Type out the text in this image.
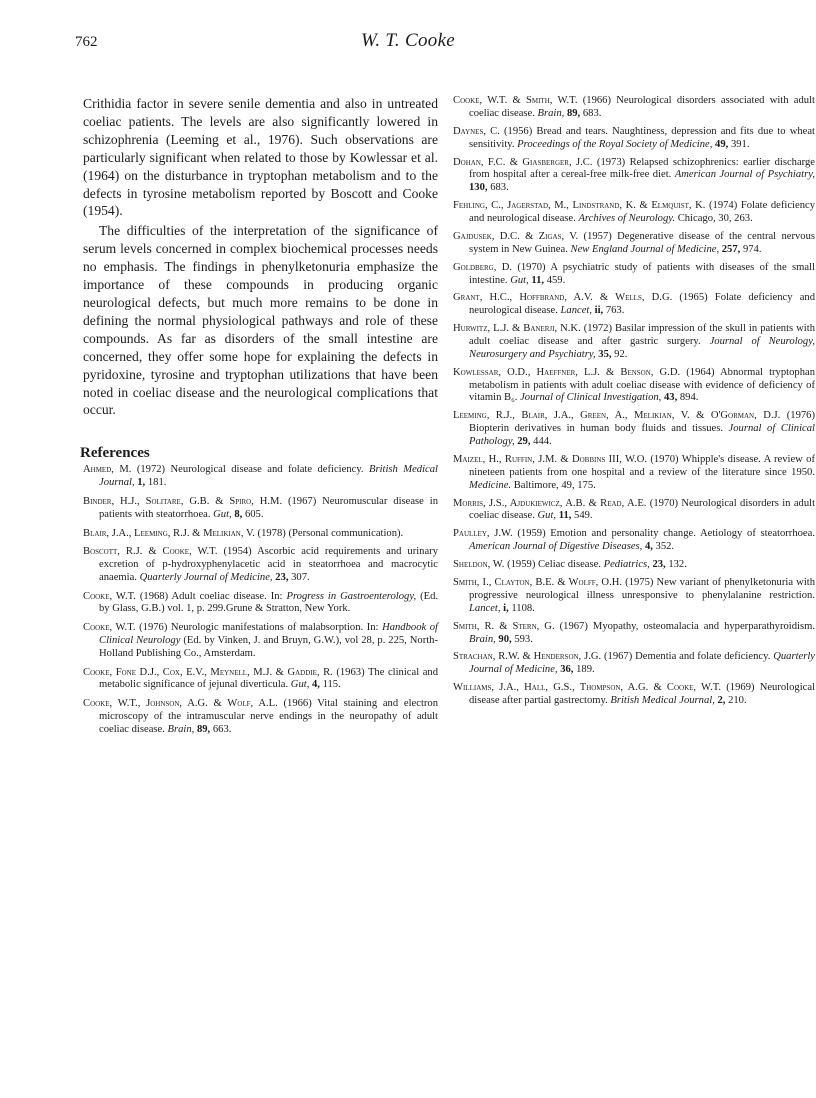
762	W. T. Cooke

Crithidia factor in severe senile dementia and also in untreated coeliac patients. The levels are also significantly lowered in schizophrenia (Leeming et al., 1976). Such observations are particularly significant when related to those by Kowlessar et al. (1964) on the disturbance in tryptophan metabolism and to the defects in tyrosine metabolism reported by Boscott and Cooke (1954).

The difficulties of the interpretation of the significance of serum levels concerned in complex biochemical processes needs no emphasis. The findings in phenylketonuria emphasize the importance of these compounds in producing organic neurological defects, but much more remains to be done in defining the normal physiological pathways and role of these compounds. As far as disorders of the small intestine are concerned, they offer some hope for explaining the defects in pyridoxine, tyrosine and tryptophan utilizations that have been noted in coeliac disease and the neurological complications that occur.

References

Ahmed, M. (1972) Neurological disease and folate deficiency. British Medical Journal, 1, 181.

Binder, H.J., Solitare, G.B. & Spiro, H.M. (1967) Neuromuscular disease in patients with steatorrhoea. Gut, 8, 605.

Blair, J.A., Leeming, R.J. & Melikian, V. (1978) (Personal communication).

Boscott, R.J. & Cooke, W.T. (1954) Ascorbic acid requirements and urinary excretion of p-hydroxyphenylacetic acid in steatorrhoea and macrocytic anaemia. Quarterly Journal of Medicine, 23, 307.

Cooke, W.T. (1968) Adult coeliac disease. In: Progress in Gastroenterology, (Ed. by Glass, G.B.) vol. 1, p. 299.Grune & Stratton, New York.

Cooke, W.T. (1976) Neurologic manifestations of malabsorption. In: Handbook of Clinical Neurology (Ed. by Vinken, J. and Bruyn, G.W.), vol 28, p. 225, North-Holland Publishing Co., Amsterdam.

Cooke, Fone D.J., Cox, E.V., Meynell, M.J. & Gaddie, R. (1963) The clinical and metabolic significance of jejunal diverticula. Gut, 4, 115.

Cooke, W.T., Johnson, A.G. & Wolf, A.L. (1966) Vital staining and electron microscopy of the intramuscular nerve endings in the neuropathy of adult coeliac disease. Brain, 89, 663.

Cooke, W.T. & Smith, W.T. (1966) Neurological disorders associated with adult coeliac disease. Brain, 89, 683.

Daynes, C. (1956) Bread and tears. Naughtiness, depression and fits due to wheat sensitivity. Proceedings of the Royal Society of Medicine, 49, 391.

Dohan, F.C. & Giasberger, J.C. (1973) Relapsed schizophrenics: earlier discharge from hospital after a cereal-free milk-free diet. American Journal of Psychiatry, 130, 683.

Fehling, C., Jagerstad, M., Lindstrand, K. & Elmquist, K. (1974) Folate deficiency and neurological disease. Archives of Neurology. Chicago, 30, 263.

Gajdusek, D.C. & Zigas, V. (1957) Degenerative disease of the central nervous system in New Guinea. New England Journal of Medicine, 257, 974.

Goldberg, D. (1970) A psychiatric study of patients with diseases of the small intestine. Gut, 11, 459.

Grant, H.C., Hoffbrand, A.V. & Wells, D.G. (1965) Folate deficiency and neurological disease. Lancet, ii, 763.

Hurwitz, L.J. & Banerji, N.K. (1972) Basilar impression of the skull in patients with adult coeliac disease and after gastric surgery. Journal of Neurology, Neurosurgery and Psychiatry, 35, 92.

Kowlessar, O.D., Haeffner, L.J. & Benson, G.D. (1964) Abnormal tryptophan metabolism in patients with adult coeliac disease with evidence of deficiency of vitamin B₆. Journal of Clinical Investigation, 43, 894.

Leeming, R.J., Blair, J.A., Green, A., Melikian, V. & O'Gorman, D.J. (1976) Biopterin derivatives in human body fluids and tissues. Journal of Clinical Pathology, 29, 444.

Maizel, H., Ruffin, J.M. & Dobbins III, W.O. (1970) Whipple's disease. A review of nineteen patients from one hospital and a review of the literature since 1950. Medicine. Baltimore, 49, 175.

Morris, J.S., Ajdukiewicz, A.B. & Read, A.E. (1970) Neurological disorders in adult coeliac disease. Gut, 11, 549.

Paulley, J.W. (1959) Emotion and personality change. Aetiology of steatorrhoea. American Journal of Digestive Diseases, 4, 352.

Sheldon, W. (1959) Celiac disease. Pediatrics, 23, 132.

Smith, I., Clayton, B.E. & Wolff, O.H. (1975) New variant of phenylketonuria with progressive neurological illness unresponsive to phenylalanine restriction. Lancet, i, 1108.

Smith, R. & Stern, G. (1967) Myopathy, osteomalacia and hyperparathyroidism. Brain, 90, 593.

Strachan, R.W. & Henderson, J.G. (1967) Dementia and folate deficiency. Quarterly Journal of Medicine, 36, 189.

Williams, J.A., Hall, G.S., Thompson, A.G. & Cooke, W.T. (1969) Neurological disease after partial gastrectomy. British Medical Journal, 2, 210.
